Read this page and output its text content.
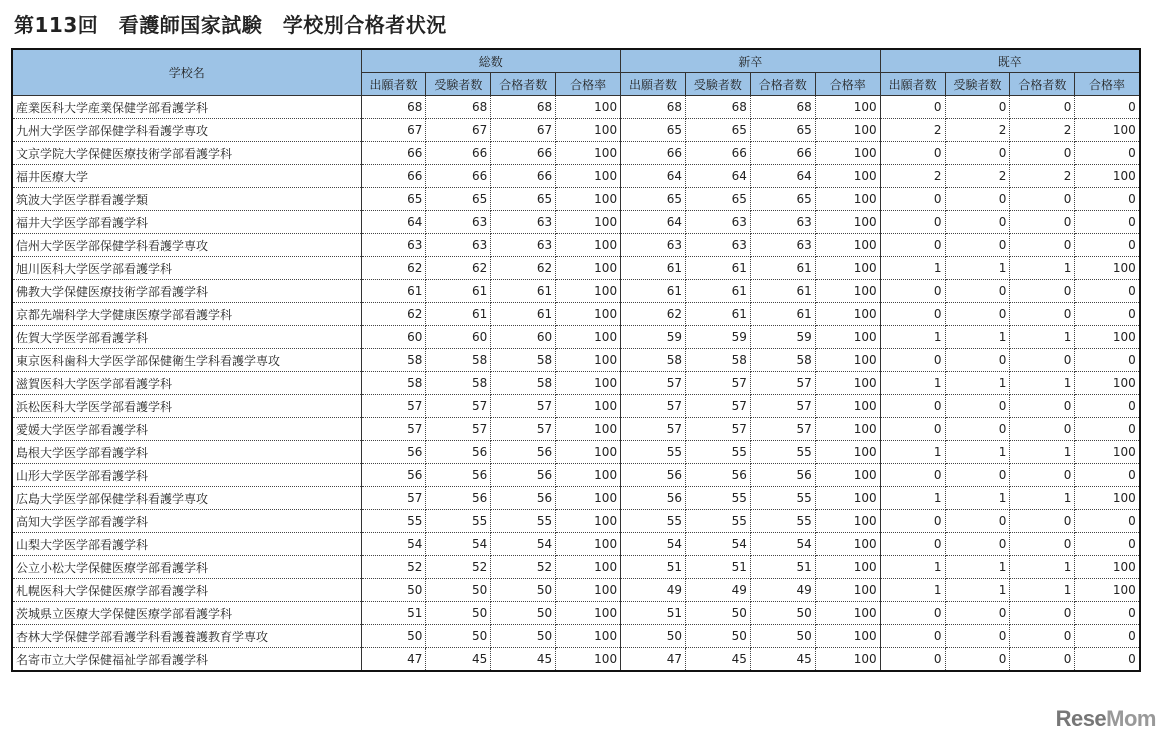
第113回　看護師国家試験　学校別合格者状況
学校名	総数				新卒				既卒			
	出願者数	受験者数	合格者数	合格率	出願者数	受験者数	合格者数	合格率	出願者数	受験者数	合格者数	合格率
産業医科大学産業保健学部看護学科	68	68	68	100	68	68	68	100	0	0	0	0
九州大学医学部保健学科看護学専攻	67	67	67	100	65	65	65	100	2	2	2	100
文京学院大学保健医療技術学部看護学科	66	66	66	100	66	66	66	100	0	0	0	0
福井医療大学	66	66	66	100	64	64	64	100	2	2	2	100
筑波大学医学群看護学類	65	65	65	100	65	65	65	100	0	0	0	0
福井大学医学部看護学科	64	63	63	100	64	63	63	100	0	0	0	0
信州大学医学部保健学科看護学専攻	63	63	63	100	63	63	63	100	0	0	0	0
旭川医科大学医学部看護学科	62	62	62	100	61	61	61	100	1	1	1	100
佛教大学保健医療技術学部看護学科	61	61	61	100	61	61	61	100	0	0	0	0
京都先端科学大学健康医療学部看護学科	62	61	61	100	62	61	61	100	0	0	0	0
佐賀大学医学部看護学科	60	60	60	100	59	59	59	100	1	1	1	100
東京医科歯科大学医学部保健衛生学科看護学専攻	58	58	58	100	58	58	58	100	0	0	0	0
滋賀医科大学医学部看護学科	58	58	58	100	57	57	57	100	1	1	1	100
浜松医科大学医学部看護学科	57	57	57	100	57	57	57	100	0	0	0	0
愛媛大学医学部看護学科	57	57	57	100	57	57	57	100	0	0	0	0
島根大学医学部看護学科	56	56	56	100	55	55	55	100	1	1	1	100
山形大学医学部看護学科	56	56	56	100	56	56	56	100	0	0	0	0
広島大学医学部保健学科看護学専攻	57	56	56	100	56	55	55	100	1	1	1	100
高知大学医学部看護学科	55	55	55	100	55	55	55	100	0	0	0	0
山梨大学医学部看護学科	54	54	54	100	54	54	54	100	0	0	0	0
公立小松大学保健医療学部看護学科	52	52	52	100	51	51	51	100	1	1	1	100
札幌医科大学保健医療学部看護学科	50	50	50	100	49	49	49	100	1	1	1	100
茨城県立医療大学保健医療学部看護学科	51	50	50	100	51	50	50	100	0	0	0	0
杏林大学保健学部看護学科看護養護教育学専攻	50	50	50	100	50	50	50	100	0	0	0	0
名寄市立大学保健福祉学部看護学科	47	45	45	100	47	45	45	100	0	0	0	0
ReseMom
